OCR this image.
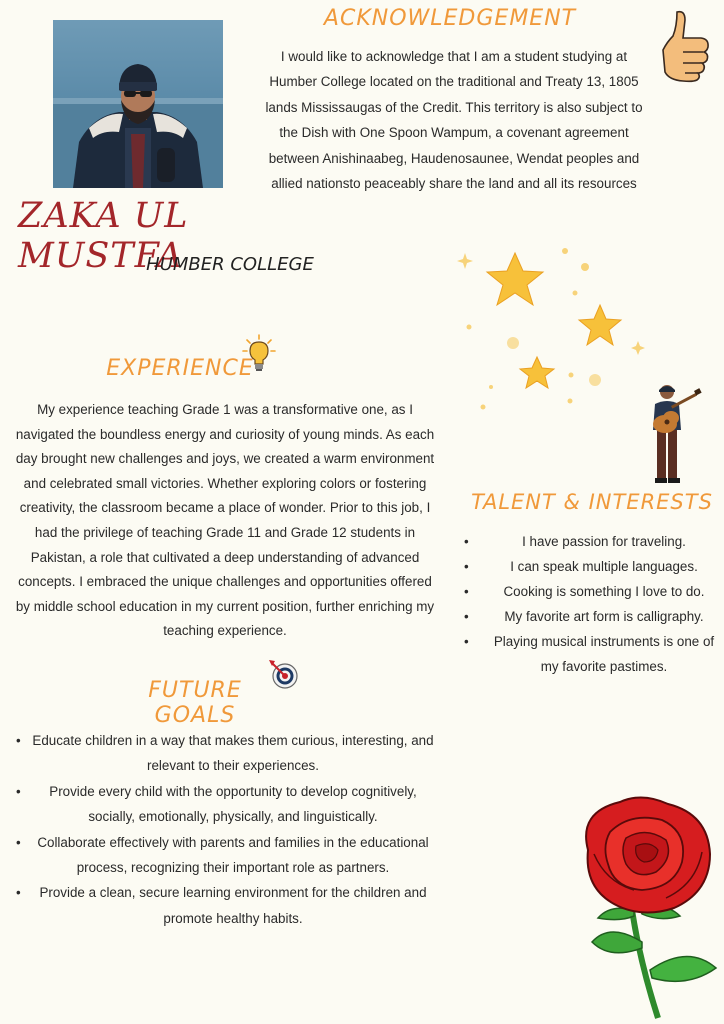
ACKNOWLEDGEMENT
I would like to acknowledge that I am a student studying at Humber College located on the traditional and Treaty 13, 1805 lands Mississaugas of the Credit. This territory is also subject to the Dish with One Spoon Wampum, a covenant agreement between Anishinaabeg, Haudenosaunee, Wendat peoples and allied nationsto peaceably share the land and all its resources
ZAKA UL MUSTFA
HUMBER COLLEGE
EXPERIENCE
My experience teaching Grade 1 was a transformative one, as I navigated the boundless energy and curiosity of young minds. As each day brought new challenges and joys, we created a warm environment and celebrated small victories. Whether exploring colors or fostering creativity, the classroom became a place of wonder. Prior to this job, I had the privilege of teaching Grade 11 and Grade 12 students in Pakistan, a role that cultivated a deep understanding of advanced concepts. I embraced the unique challenges and opportunities offered by middle school education in my current position, further enriching my teaching experience.
TALENT & INTERESTS
• I have passion for traveling.
• I can speak multiple languages.
• Cooking is something I love to do.
• My favorite art form is calligraphy.
• Playing musical instruments is one of my favorite pastimes.
FUTURE GOALS
• Educate children in a way that makes them curious, interesting, and relevant to their experiences.
• Provide every child with the opportunity to develop cognitively, socially, emotionally, physically, and linguistically.
• Collaborate effectively with parents and families in the educational process, recognizing their important role as partners.
• Provide a clean, secure learning environment for the children and promote healthy habits.
